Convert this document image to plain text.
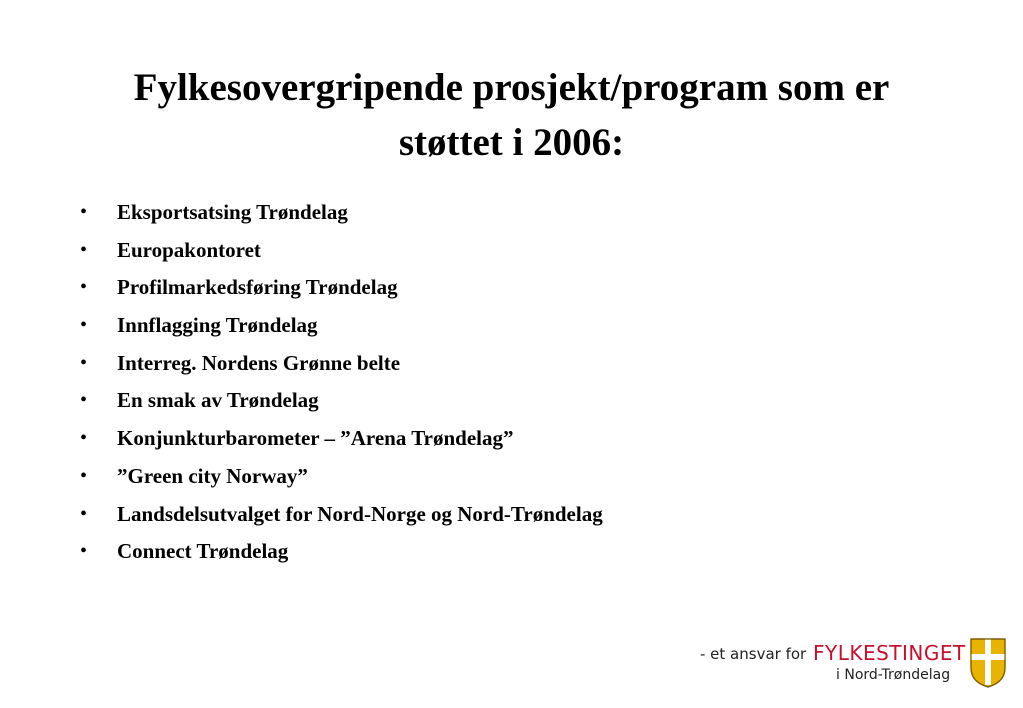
Fylkesovergripende prosjekt/program som er
støttet i 2006:
•	Eksportsatsing Trøndelag
•	Europakontoret
•	Profilmarkedsføring Trøndelag
•	Innflagging Trøndelag
•	Interreg. Nordens Grønne belte
•	En smak av Trøndelag
•	Konjunkturbarometer – ”Arena Trøndelag”
•	”Green city Norway”
•	Landsdelsutvalget for Nord-Norge og Nord-Trøndelag
•	Connect Trøndelag
- et ansvar for FYLKESTINGET
i Nord-Trøndelag
